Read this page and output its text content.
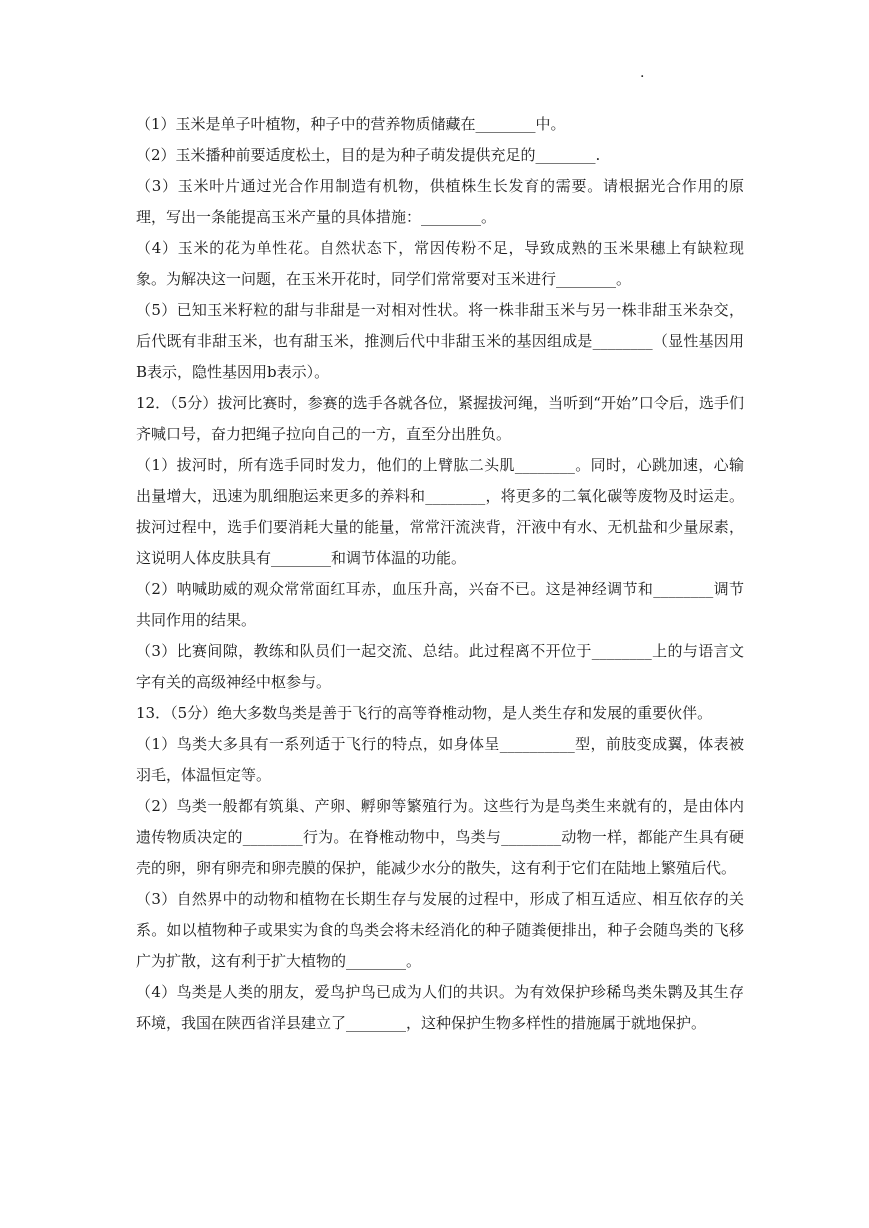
.

（1）玉米是单子叶植物，种子中的营养物质储藏在________中。

（2）玉米播种前要适度松土，目的是为种子萌发提供充足的________.

（3）玉米叶片通过光合作用制造有机物，供植株生长发育的需要。请根据光合作用的原理，写出一条能提高玉米产量的具体措施：________。

（4）玉米的花为单性花。自然状态下，常因传粉不足，导致成熟的玉米果穗上有缺粒现象。为解决这一问题，在玉米开花时，同学们常常要对玉米进行________。

（5）已知玉米籽粒的甜与非甜是一对相对性状。将一株非甜玉米与另一株非甜玉米杂交，后代既有非甜玉米，也有甜玉米，推测后代中非甜玉米的基因组成是________（显性基因用B表示，隐性基因用b表示）。

12．（5分）拔河比赛时，参赛的选手各就各位，紧握拔河绳，当听到“开始”口令后，选手们齐喊口号，奋力把绳子拉向自己的一方，直至分出胜负。

（1）拔河时，所有选手同时发力，他们的上臂肱二头肌________。同时，心跳加速，心输出量增大，迅速为肌细胞运来更多的养料和________，将更多的二氧化碳等废物及时运走。拔河过程中，选手们要消耗大量的能量，常常汗流浃背，汗液中有水、无机盐和少量尿素，这说明人体皮肤具有________和调节体温的功能。

（2）呐喊助威的观众常常面红耳赤，血压升高，兴奋不已。这是神经调节和________调节共同作用的结果。

（3）比赛间隙，教练和队员们一起交流、总结。此过程离不开位于________上的与语言文字有关的高级神经中枢参与。

13．（5分）绝大多数鸟类是善于飞行的高等脊椎动物，是人类生存和发展的重要伙伴。

（1）鸟类大多具有一系列适于飞行的特点，如身体呈__________型，前肢变成翼，体表被羽毛，体温恒定等。

（2）鸟类一般都有筑巢、产卵、孵卵等繁殖行为。这些行为是鸟类生来就有的，是由体内遗传物质决定的________行为。在脊椎动物中，鸟类与________动物一样，都能产生具有硬壳的卵，卵有卵壳和卵壳膜的保护，能减少水分的散失，这有利于它们在陆地上繁殖后代。

（3）自然界中的动物和植物在长期生存与发展的过程中，形成了相互适应、相互依存的关系。如以植物种子或果实为食的鸟类会将未经消化的种子随粪便排出，种子会随鸟类的飞移广为扩散，这有利于扩大植物的________。

（4）鸟类是人类的朋友，爱鸟护鸟已成为人们的共识。为有效保护珍稀鸟类朱鹮及其生存环境，我国在陕西省洋县建立了________，这种保护生物多样性的措施属于就地保护。
